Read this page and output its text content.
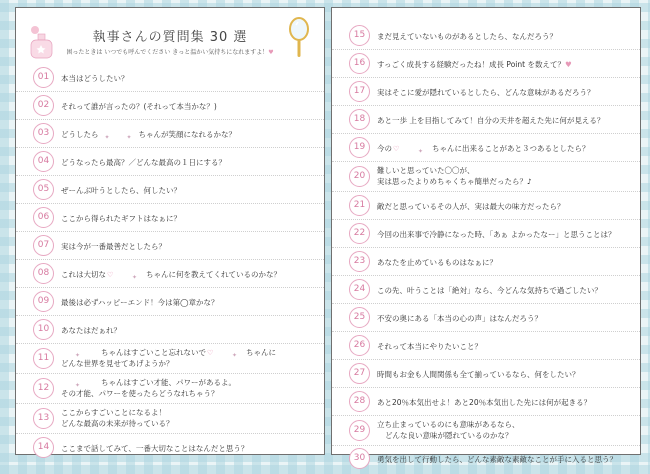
執事さんの質問集 30 選
困ったときは いつでも呼んでください きっと温かい気持ちになれますよ！♥
01	本当はどうしたい？
02	それって誰が言ったの？(それって本当かな？)
03	どうしたら ✦	✦ ちゃんが笑顔になれるかな？
04	どうなったら最高？／どんな最高の１日にする？
05	ぜーんぶ叶うとしたら、何したい？
06	ここから得られたギフトはなぁに？
07	実は今が一番最善だとしたら？
08	これは大切な ♡	✦ ちゃんに何を教えてくれているのかな？
09	最後は必ずハッピーエンド！今は第◯章かな？
10	あなたはだぁれ？
11	✦	ちゃんはすごいこと忘れないで ♡	✦ ちゃんに
どんな世界を見せてあげようか？
12	✦	ちゃんはすごい才能、パワーがあるよ。
その才能、パワーを使ったらどうなれちゃう？
13
ここからすごいことになるよ！
どんな最高の未来が待っている？
14	ここまで話してみて、一番大切なことはなんだと思う？
15	まだ見えていないものがあるとしたら、なんだろう？
16	すっごく成長する経験だったね！成長 Point を数えて？♥
17	実はそこに愛が隠れているとしたら、どんな意味があるだろう？
18	あと一歩 上を目指してみて！自分の天井を超えた先に何が見える？
19	今の ♡	✦ ちゃんに出来ることがあと３つあるとしたら？
20
難しいと思っていた〇〇が、
実は思ったよりめちゃくちゃ簡単だったら？♪
21	敵だと思っているその人が、実は最大の味方だったら？
22	今回の出来事で冷静になった時、「あぁ よかったなー」と思うことは？
23	あなたを止めているものはなぁに？
24	この先、叶うことは「絶対」なら、今どんな気持ちで過ごしたい？
25	不安の奥にある「本当の心の声」はなんだろう？
26	それって本当にやりたいこと？
27	時間もお金も人間関係も全て揃っているなら、何をしたい？
28	あと20％本気出せよ！あと20％本気出した先には何が起きる？
29
立ち止まっているのにも意味があるなら、
どんな良い意味が隠れているのかな？
30	勇気を出して行動したら、どんな素敵な素敵なことが手に入ると思う？
